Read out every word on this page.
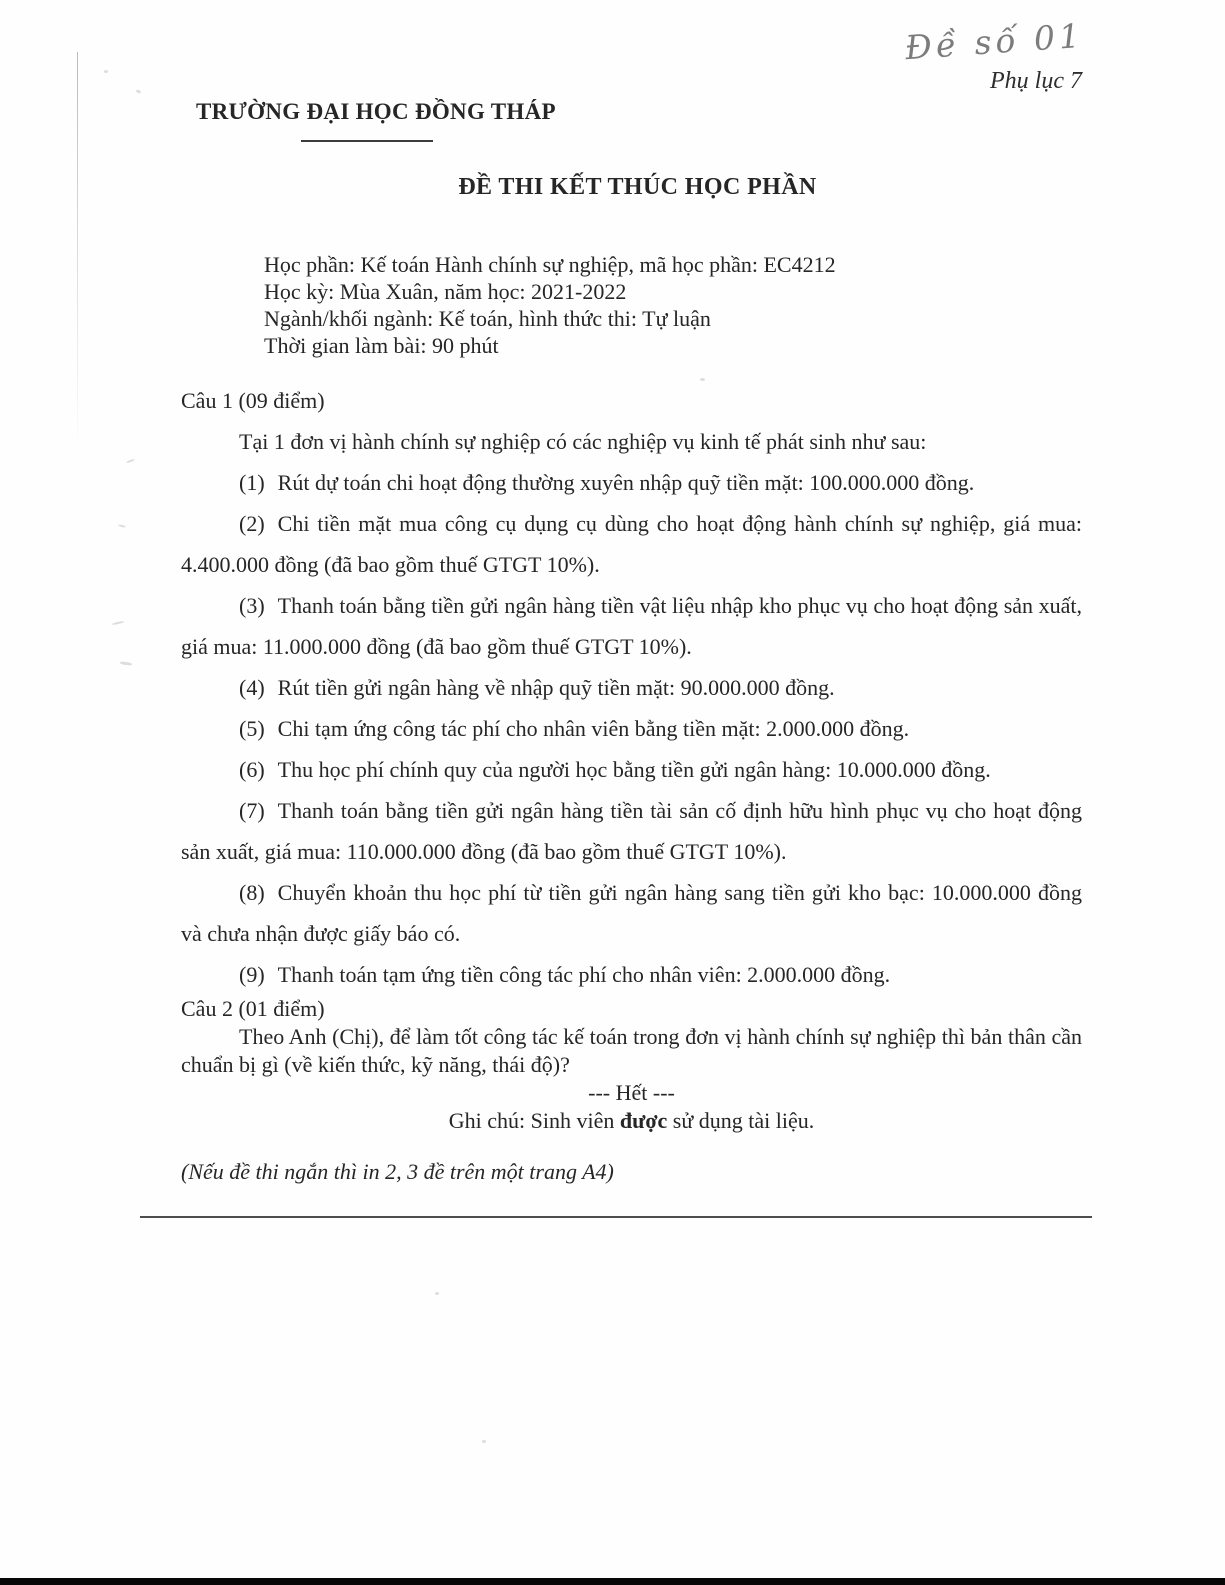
Đề số 01
Phụ lục 7
TRƯỜNG ĐẠI HỌC ĐỒNG THÁP
ĐỀ THI KẾT THÚC HỌC PHẦN
Học phần: Kế toán Hành chính sự nghiệp, mã học phần: EC4212
Học kỳ: Mùa Xuân, năm học: 2021-2022
Ngành/khối ngành: Kế toán, hình thức thi: Tự luận
Thời gian làm bài: 90 phút

Câu 1 (09 điểm)

Tại 1 đơn vị hành chính sự nghiệp có các nghiệp vụ kinh tế phát sinh như sau:

(1) Rút dự toán chi hoạt động thường xuyên nhập quỹ tiền mặt: 100.000.000 đồng.

(2) Chi tiền mặt mua công cụ dụng cụ dùng cho hoạt động hành chính sự nghiệp, giá mua: 4.400.000 đồng (đã bao gồm thuế GTGT 10%).

(3) Thanh toán bằng tiền gửi ngân hàng tiền vật liệu nhập kho phục vụ cho hoạt động sản xuất, giá mua: 11.000.000 đồng (đã bao gồm thuế GTGT 10%).

(4) Rút tiền gửi ngân hàng về nhập quỹ tiền mặt: 90.000.000 đồng.

(5) Chi tạm ứng công tác phí cho nhân viên bằng tiền mặt: 2.000.000 đồng.

(6) Thu học phí chính quy của người học bằng tiền gửi ngân hàng: 10.000.000 đồng.

(7) Thanh toán bằng tiền gửi ngân hàng tiền tài sản cố định hữu hình phục vụ cho hoạt động sản xuất, giá mua: 110.000.000 đồng (đã bao gồm thuế GTGT 10%).

(8) Chuyển khoản thu học phí từ tiền gửi ngân hàng sang tiền gửi kho bạc: 10.000.000 đồng và chưa nhận được giấy báo có.

(9) Thanh toán tạm ứng tiền công tác phí cho nhân viên: 2.000.000 đồng.

Câu 2 (01 điểm)

Theo Anh (Chị), để làm tốt công tác kế toán trong đơn vị hành chính sự nghiệp thì bản thân cần chuẩn bị gì (về kiến thức, kỹ năng, thái độ)?

--- Hết ---

Ghi chú: Sinh viên được sử dụng tài liệu.

(Nếu đề thi ngắn thì in 2, 3 đề trên một trang A4)
